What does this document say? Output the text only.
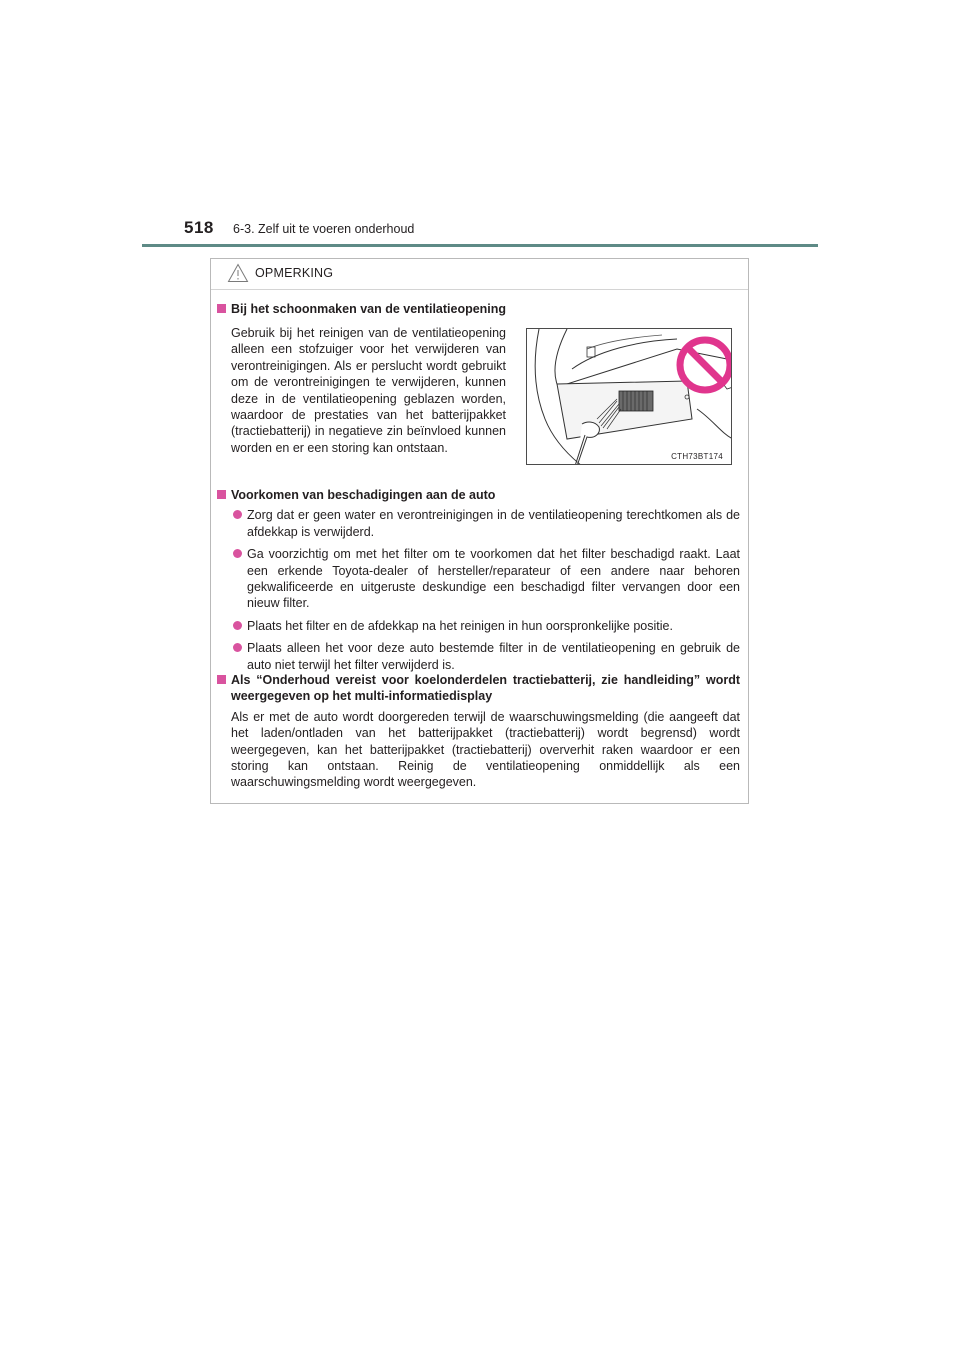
518 6-3. Zelf uit te voeren onderhoud
OPMERKING
Bij het schoonmaken van de ventilatieopening
Gebruik bij het reinigen van de ventilatieopening alleen een stofzuiger voor het verwijderen van verontreinigingen. Als er perslucht wordt gebruikt om de verontreinigingen te verwijderen, kunnen deze in de ventilatieopening geblazen worden, waardoor de prestaties van het batterijpakket (tractiebatterij) in negatieve zin beïnvloed kunnen worden en er een storing kan ontstaan.
CTH73BT174
Voorkomen van beschadigingen aan de auto
Zorg dat er geen water en verontreinigingen in de ventilatieopening terechtkomen als de afdekkap is verwijderd.
Ga voorzichtig om met het filter om te voorkomen dat het filter beschadigd raakt. Laat een erkende Toyota-dealer of hersteller/reparateur of een andere naar behoren gekwalificeerde en uitgeruste deskundige een beschadigd filter vervangen door een nieuw filter.
Plaats het filter en de afdekkap na het reinigen in hun oorspronkelijke positie.
Plaats alleen het voor deze auto bestemde filter in de ventilatieopening en gebruik de auto niet terwijl het filter verwijderd is.
Als “Onderhoud vereist voor koelonderdelen tractiebatterij, zie handleiding” wordt weergegeven op het multi-informatiedisplay
Als er met de auto wordt doorgereden terwijl de waarschuwingsmelding (die aangeeft dat het laden/ontladen van het batterijpakket (tractiebatterij) wordt begrensd) wordt weergegeven, kan het batterijpakket (tractiebatterij) oververhit raken waardoor er een storing kan ontstaan. Reinig de ventilatieopening onmiddellijk als een waarschuwingsmelding wordt weergegeven.
